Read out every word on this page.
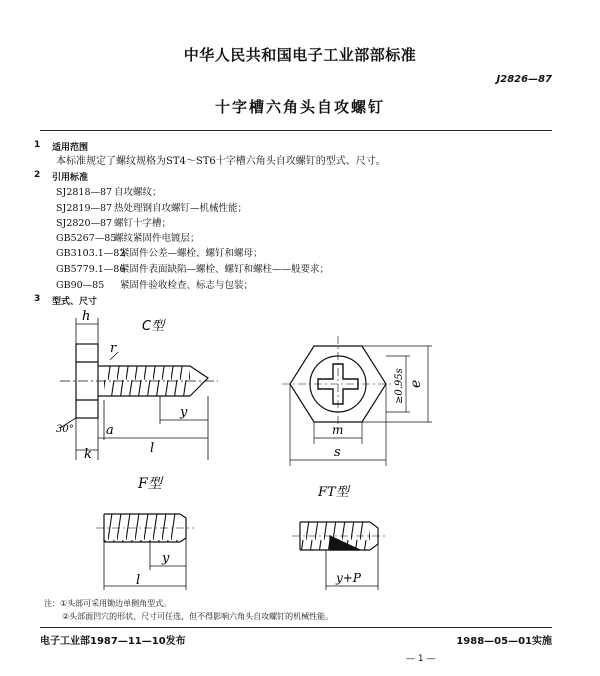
中华人民共和国电子工业部部标准
J2826—87
十字槽六角头自攻螺钉
1 适用范围
本标准规定了螺纹规格为ST4～ST6十字槽六角头自攻螺钉的型式、尺寸。
2 引用标准
SJ2818—87 自攻螺纹；
SJ2819—87 热处理钢自攻螺钉—机械性能；
SJ2820—87 螺钉十字槽；
GB5267—85螺纹紧固件电镀层；
GB3103.1—82紧固件公差—螺栓、螺钉和螺母；
GB5779.1—86紧固件表面缺陷—螺栓、螺钉和螺柱——般要求；
GB90—85 紧固件验收检查、标志与包装；
3 型式、尺寸
C型
h
r
y
30° a
k	l
m
s
e
≥0.95s
F型
y
l
FT型
y+P
注：①头部可采用锄边单侧角型式。
②头部面凹穴的形状、尺寸可任选，但不得影响六角头自攻螺钉的机械性能。
电子工业部1987—11—10发布	1988—05—01实施
— 1 —
